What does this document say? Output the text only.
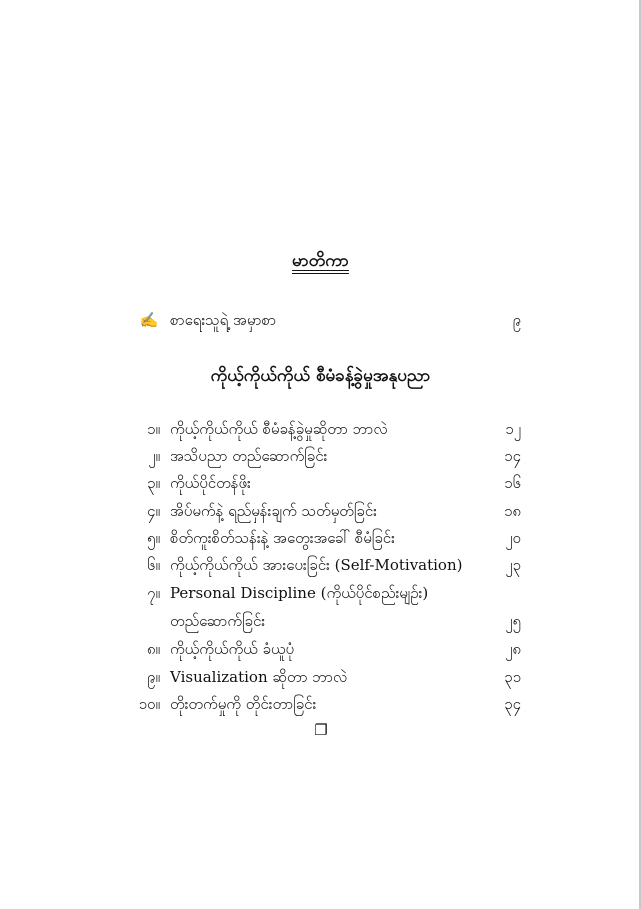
မာတိကာ
✍ စာရေးသူရဲ့ အမှာစာ	၉
ကိုယ့်ကိုယ်ကိုယ် စီမံခန့်ခွဲမှုအနုပညာ
၁။ ကိုယ့်ကိုယ်ကိုယ် စီမံခန့်ခွဲမှုဆိုတာ ဘာလဲ	၁၂
၂။ အသိပညာ တည်ဆောက်ခြင်း	၁၄
၃။ ကိုယ်ပိုင်တန်ဖိုး	၁၆
၄။ အိပ်မက်နဲ့ ရည်မှန်းချက် သတ်မှတ်ခြင်း	၁၈
၅။ စိတ်ကူးစိတ်သန်းနဲ့ အတွေးအခေါ် စီမံခြင်း	၂၀
၆။ ကိုယ့်ကိုယ်ကိုယ် အားပေးခြင်း (Self-Motivation)	၂၃
၇။ Personal Discipline (ကိုယ်ပိုင်စည်းမျဉ်း)
တည်ဆောက်ခြင်း	၂၅
၈။ ကိုယ့်ကိုယ်ကိုယ် ခံယူပုံ	၂၈
၉။ Visualization ဆိုတာ ဘာလဲ	၃၁
၁၀။ တိုးတက်မှုကို တိုင်းတာခြင်း	၃၄
❐
